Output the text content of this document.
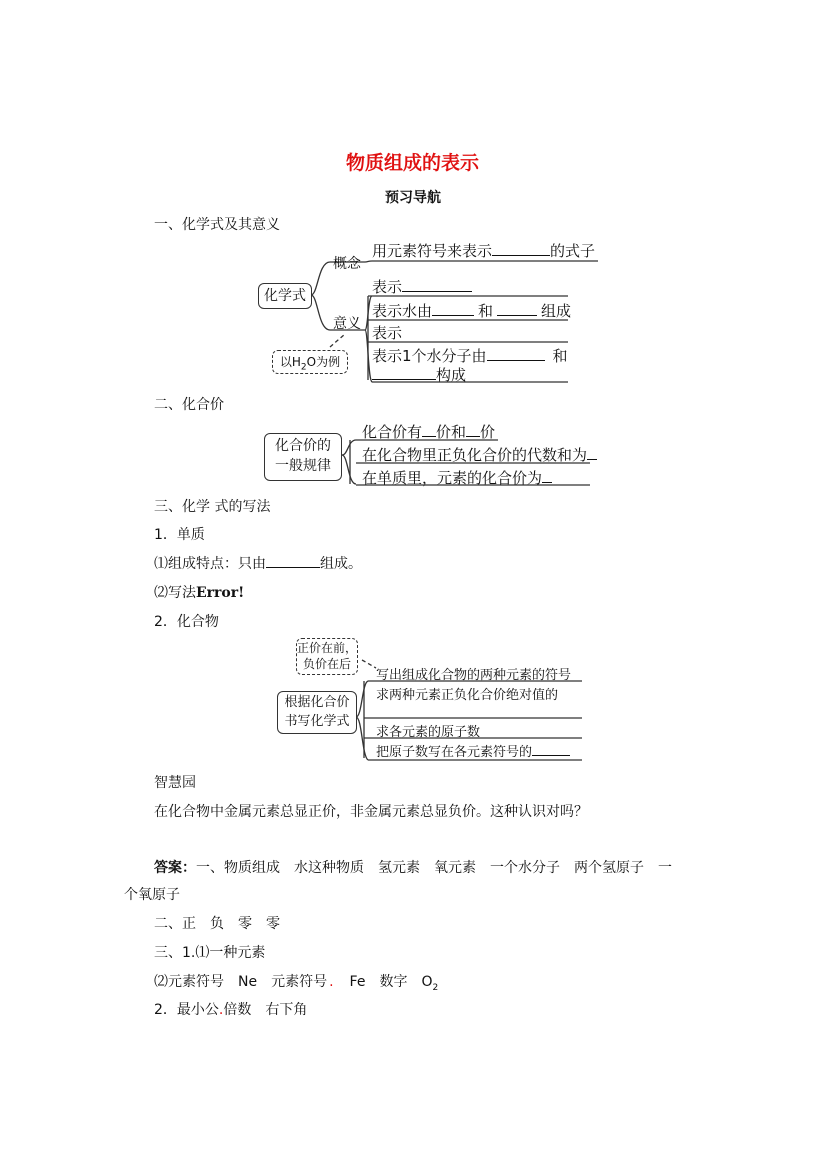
物质组成的表示
预习导航
一、化学式及其意义
化学式
概念
意义
用元素符号来表示	的式子
表示
表示水由	和	组成
表示
表示1个水分子由	和
构成
以$H_2O$为例
二、化合价
化合价的
一般规律
化合价有 价和 价
在化合物里正负化合价的代数和为
在单质里，元素的化合价为
三、化学 式的写法
1．单质
⑴组成特点：只由	组成。
⑵写法Error!
2．化合物
正价在前，
负价在后
根据化合价
书写化学式
写出组成化合物的两种元素的符号
求两种元素正负化合价绝对值的
求各元素的原子数
把原子数写在各元素符号的
智慧园
在化合物中金属元素总显正价，非金属元素总显负价。这种认识对吗？
答案：一、物质组成　水这种物质　氢元素　氧元素　一个水分子　两个氢原子　一
个氧原子
二、正　负　零　零
三、1.⑴一种元素
⑵元素符号　Ne　元素符号 .　 Fe　数字　$O_2$
2．最小公.倍数　右下角
